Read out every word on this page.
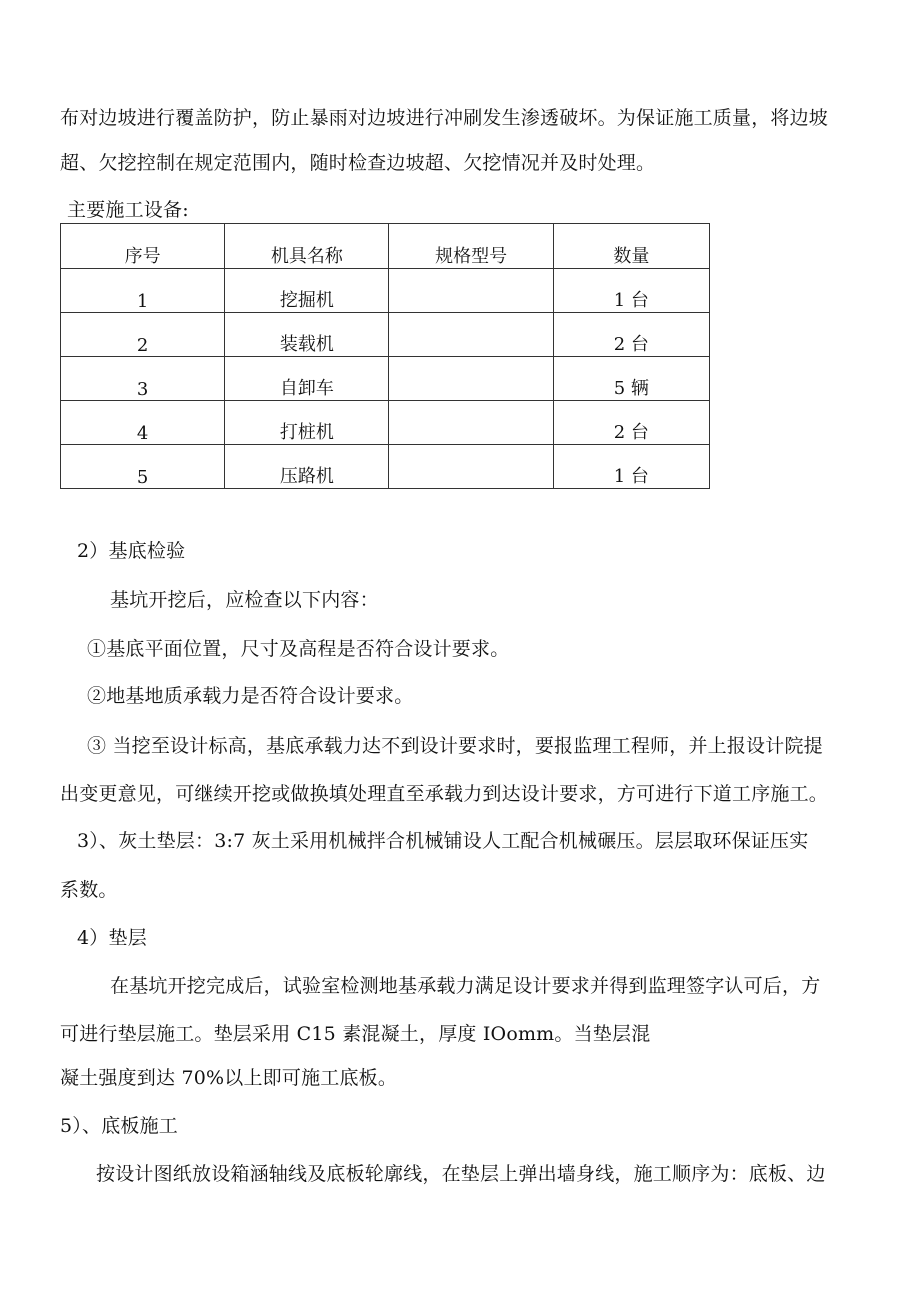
布对边坡进行覆盖防护，防止暴雨对边坡进行冲刷发生渗透破坏。为保证施工质量，将边坡
超、欠挖控制在规定范围内，随时检查边坡超、欠挖情况并及时处理。
主要施工设备:
序号	机具名称	规格型号	数量
1	挖掘机		1 台
2	装载机		2 台
3	自卸车		5 辆
4	打桩机		2 台
5	压路机		1 台
2）基底检验
基坑开挖后，应检查以下内容：
①基底平面位置，尺寸及高程是否符合设计要求。
②地基地质承载力是否符合设计要求。
③ 当挖至设计标高，基底承载力达不到设计要求时，要报监理工程师，并上报设计院提
出变更意见，可继续开挖或做换填处理直至承载力到达设计要求，方可进行下道工序施工。
3）、灰土垫层：3:7 灰土采用机械拌合机械铺设人工配合机械碾压。层层取环保证压实
系数。
4）垫层
在基坑开挖完成后，试验室检测地基承载力满足设计要求并得到监理签字认可后，方
可进行垫层施工。垫层采用 C15 素混凝土，厚度 IOomm。当垫层混
凝土强度到达 70%以上即可施工底板。
5）、底板施工
按设计图纸放设箱涵轴线及底板轮廓线，在垫层上弹出墙身线，施工顺序为：底板、边
